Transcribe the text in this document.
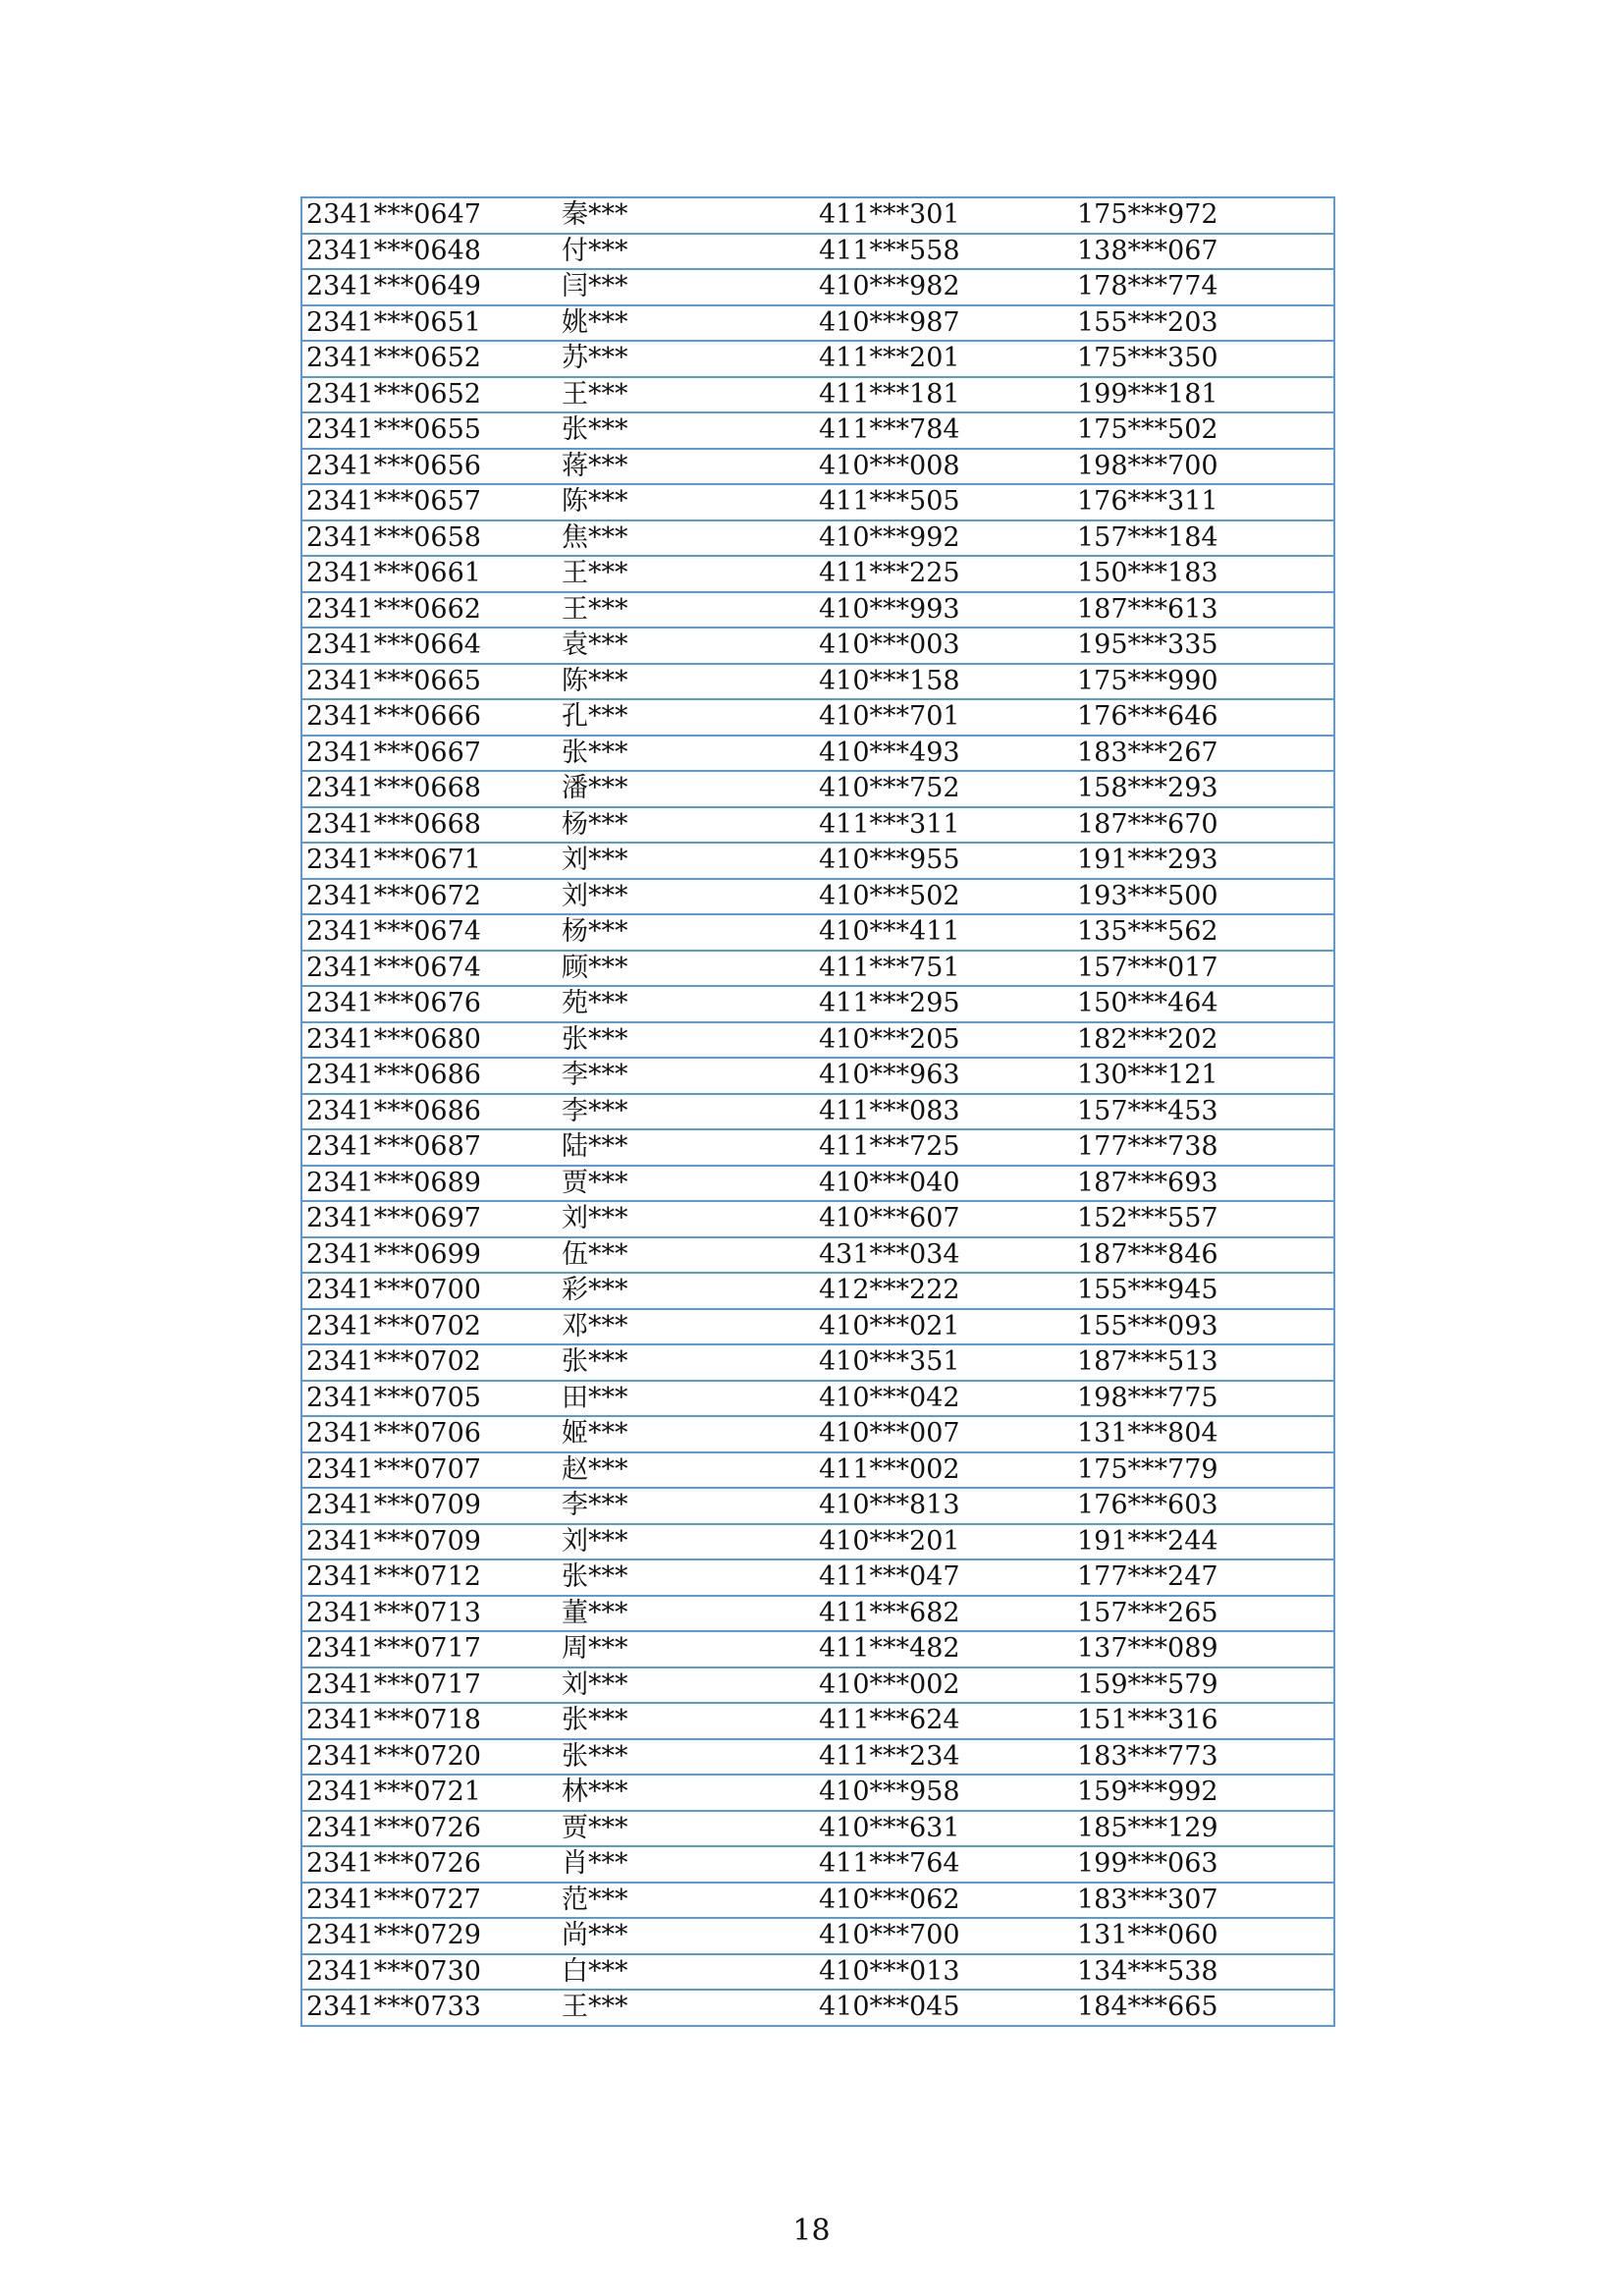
2341***0647	秦***	411***301	175***972
2341***0648	付***	411***558	138***067
2341***0649	闫***	410***982	178***774
2341***0651	姚***	410***987	155***203
2341***0652	苏***	411***201	175***350
2341***0652	王***	411***181	199***181
2341***0655	张***	411***784	175***502
2341***0656	蒋***	410***008	198***700
2341***0657	陈***	411***505	176***311
2341***0658	焦***	410***992	157***184
2341***0661	王***	411***225	150***183
2341***0662	王***	410***993	187***613
2341***0664	袁***	410***003	195***335
2341***0665	陈***	410***158	175***990
2341***0666	孔***	410***701	176***646
2341***0667	张***	410***493	183***267
2341***0668	潘***	410***752	158***293
2341***0668	杨***	411***311	187***670
2341***0671	刘***	410***955	191***293
2341***0672	刘***	410***502	193***500
2341***0674	杨***	410***411	135***562
2341***0674	顾***	411***751	157***017
2341***0676	苑***	411***295	150***464
2341***0680	张***	410***205	182***202
2341***0686	李***	410***963	130***121
2341***0686	李***	411***083	157***453
2341***0687	陆***	411***725	177***738
2341***0689	贾***	410***040	187***693
2341***0697	刘***	410***607	152***557
2341***0699	伍***	431***034	187***846
2341***0700	彩***	412***222	155***945
2341***0702	邓***	410***021	155***093
2341***0702	张***	410***351	187***513
2341***0705	田***	410***042	198***775
2341***0706	姬***	410***007	131***804
2341***0707	赵***	411***002	175***779
2341***0709	李***	410***813	176***603
2341***0709	刘***	410***201	191***244
2341***0712	张***	411***047	177***247
2341***0713	董***	411***682	157***265
2341***0717	周***	411***482	137***089
2341***0717	刘***	410***002	159***579
2341***0718	张***	411***624	151***316
2341***0720	张***	411***234	183***773
2341***0721	林***	410***958	159***992
2341***0726	贾***	410***631	185***129
2341***0726	肖***	411***764	199***063
2341***0727	范***	410***062	183***307
2341***0729	尚***	410***700	131***060
2341***0730	白***	410***013	134***538
2341***0733	王***	410***045	184***665
18
